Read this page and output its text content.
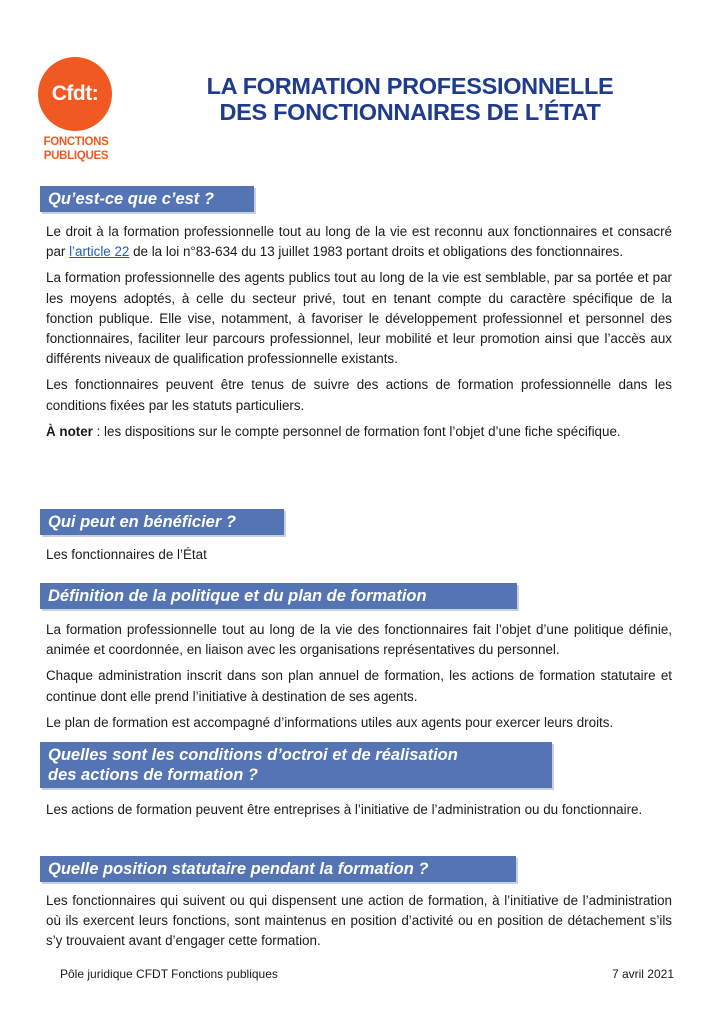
Cfdt:
FONCTIONS
PUBLIQUES
LA FORMATION PROFESSIONNELLE
DES FONCTIONNAIRES DE L’ÉTAT
Qu’est-ce que c’est ?

Le droit à la formation professionnelle tout au long de la vie est reconnu aux fonctionnaires et consacré par l’article 22 de la loi n°83-634 du 13 juillet 1983 portant droits et obligations des fonctionnaires.

La formation professionnelle des agents publics tout au long de la vie est semblable, par sa portée et par les moyens adoptés, à celle du secteur privé, tout en tenant compte du caractère spécifique de la fonction publique. Elle vise, notamment, à favoriser le développement professionnel et personnel des fonctionnaires, faciliter leur parcours professionnel, leur mobilité et leur promotion ainsi que l’accès aux différents niveaux de qualification professionnelle existants.

Les fonctionnaires peuvent être tenus de suivre des actions de formation professionnelle dans les conditions fixées par les statuts particuliers.

À noter : les dispositions sur le compte personnel de formation font l’objet d’une fiche spécifique.

Qui peut en bénéficier ?

Les fonctionnaires de l’État

Définition de la politique et du plan de formation

La formation professionnelle tout au long de la vie des fonctionnaires fait l’objet d’une politique définie, animée et coordonnée, en liaison avec les organisations représentatives du personnel.

Chaque administration inscrit dans son plan annuel de formation, les actions de formation statutaire et continue dont elle prend l’initiative à destination de ses agents.

Le plan de formation est accompagné d’informations utiles aux agents pour exercer leurs droits.

Quelles sont les conditions d’octroi et de réalisation
des actions de formation ?

Les actions de formation peuvent être entreprises à l’initiative de l’administration ou du fonctionnaire.

Quelle position statutaire pendant la formation ?

Les fonctionnaires qui suivent ou qui dispensent une action de formation, à l’initiative de l’administration où ils exercent leurs fonctions, sont maintenus en position d’activité ou en position de détachement s’ils s’y trouvaient avant d’engager cette formation.

Pôle juridique CFDT Fonctions publiques	7 avril 2021
